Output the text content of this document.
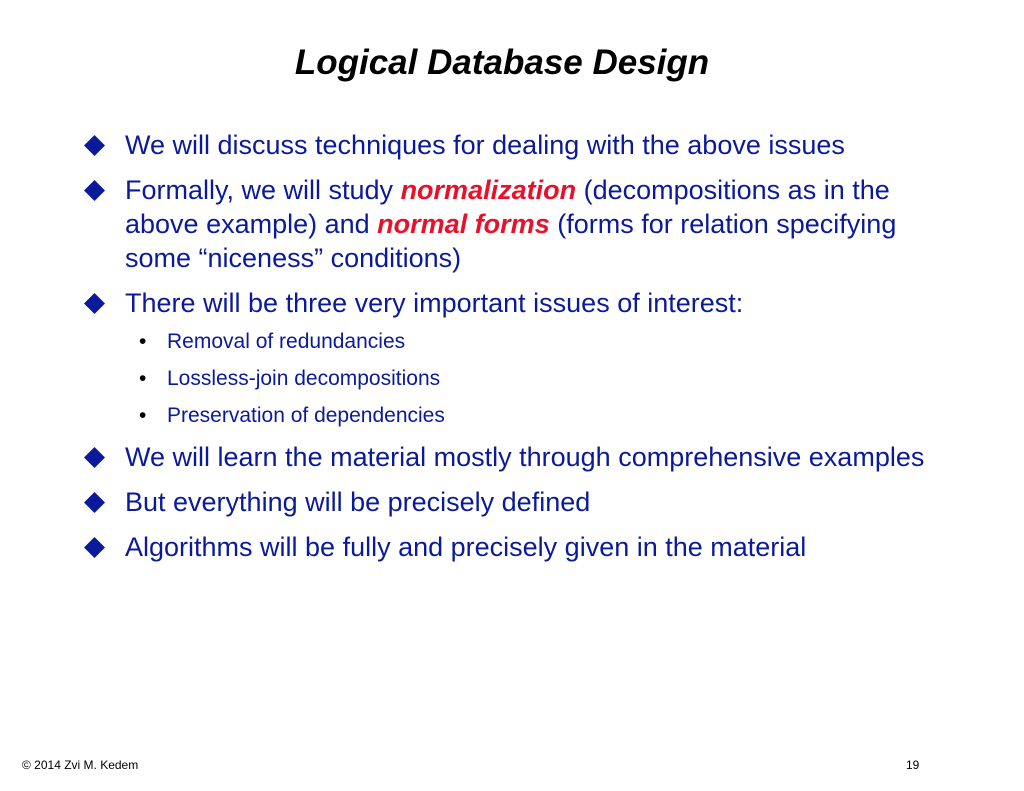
Logical Database Design
We will discuss techniques for dealing with the above issues
Formally, we will study normalization (decompositions as in the above example) and normal forms (forms for relation specifying some “niceness” conditions)
There will be three very important issues of interest:
• Removal of redundancies
• Lossless-join decompositions
• Preservation of dependencies
We will learn the material mostly through comprehensive examples
But everything will be precisely defined
Algorithms will be fully and precisely given in the material
© 2014 Zvi M. Kedem	19
